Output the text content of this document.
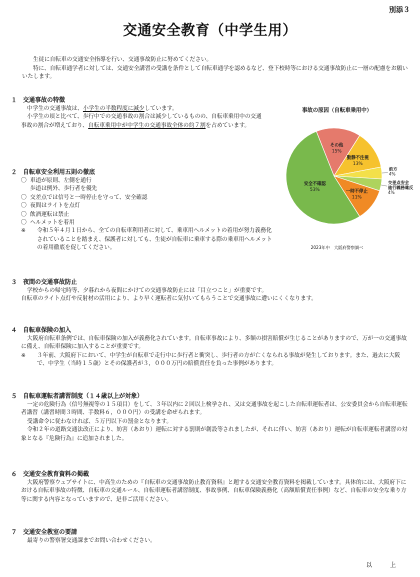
別添３
交通安全教育（中学生用）

生徒に自転車の交通安全指導を行い、交通事故防止に努めてください。

特に、自転車通学者に対しては、交通安全講習の受講を条件として自転車通学を認めるなど、登下校時等における交通事故防止に一層の配慮をお願いいたします。

１ 交通事故の特徴

中学生の交通事故は、小学生の半数程度に減少しています。

小学生の頃と比べて、歩行中での交通事故の割合は減少しているものの、自転車乗用中の交通事故の割合が増えており、自転車乗用中が中学生の交通事故全体の約７割を占めています。

２ 自転車安全利用五則の徹底
〇 車道が原則、左側を通行
歩道は例外、歩行者を優先
〇 交差点では信号と一時停止を守って、安全確認
〇 夜間はライトを点灯
〇 飲酒運転は禁止
〇 ヘルメットを着用
※	令和５年４月１日から、全ての自転車利用者に対して、乗車用ヘルメットの着用が努力義務化されていることを踏まえ、保護者に対しても、生徒が自転車に乗車する際の乗車用ヘルメットの着用徹底を促してください。
事故の原因（自転車乗用中）
その他
15%
動静不注視
13%
前方
4%
交差点安全
進行義務違反
4%
一時不停止
11%
安全不確認
53%
2023年中　大阪府警察調べ
３ 夜間の交通事故防止

学校からの帰宅時等、夕暮れから夜間にかけての交通事故防止には「目立つこと」が重要です。

自転車のライト点灯や反射材の活用により、より早く運転者に気付いてもらうことで交通事故に遭いにくくなります。

４ 自転車保険の加入

大阪府自転車条例では、自転車保険の加入が義務化されています。自転車事故により、多額の損害賠償が生じることがありますので、万が一の交通事故に備え、自転車保険に加入することが重要です。

※	３年前、大阪府下において、中学生が自転車で走行中に歩行者と衝突し、歩行者の方が亡くなられる事故が発生しております。また、過去に大阪で、中学生（当時１５歳）とその保護者が３，０００万円の賠償責任を負った事例があります。
５ 自転車運転者講習制度（１４歳以上が対象）

一定の危険行為（信号無視等の１５項目）をして、３年以内に２回以上検挙され、又は交通事故を起こした自転車運転者は、公安委員会から自転車運転者講習（講習時間３時間、手数料６，０００円）の受講を命ぜられます。

受講命令に従わなければ、５万円以下の罰金となります。

令和２年の道路交通法改正により、妨害（あおり）運転に対する罰則が創設等されましたが、それに伴い、妨害（あおり）運転が自転車運転者講習の対象となる『危険行為』に追加されました。

６ 交通安全教育資料の掲載

大阪府警察ウェブサイトに、中高生のための『自転車の交通事故防止教育資料』と題する交通安全教育資料を掲載しています。具体的には、大阪府下における自転車事故の特徴、自転車の交通ルール、自転車運転者講習制度、事故事例、自転車保険義務化（高額賠償責任事例）など、自転車の安全な乗り方等に関する内容となっていますので、是非ご活用ください。

７ 交通安全教室の要請

最寄りの警察署交通課までお問い合わせください。

以　上
